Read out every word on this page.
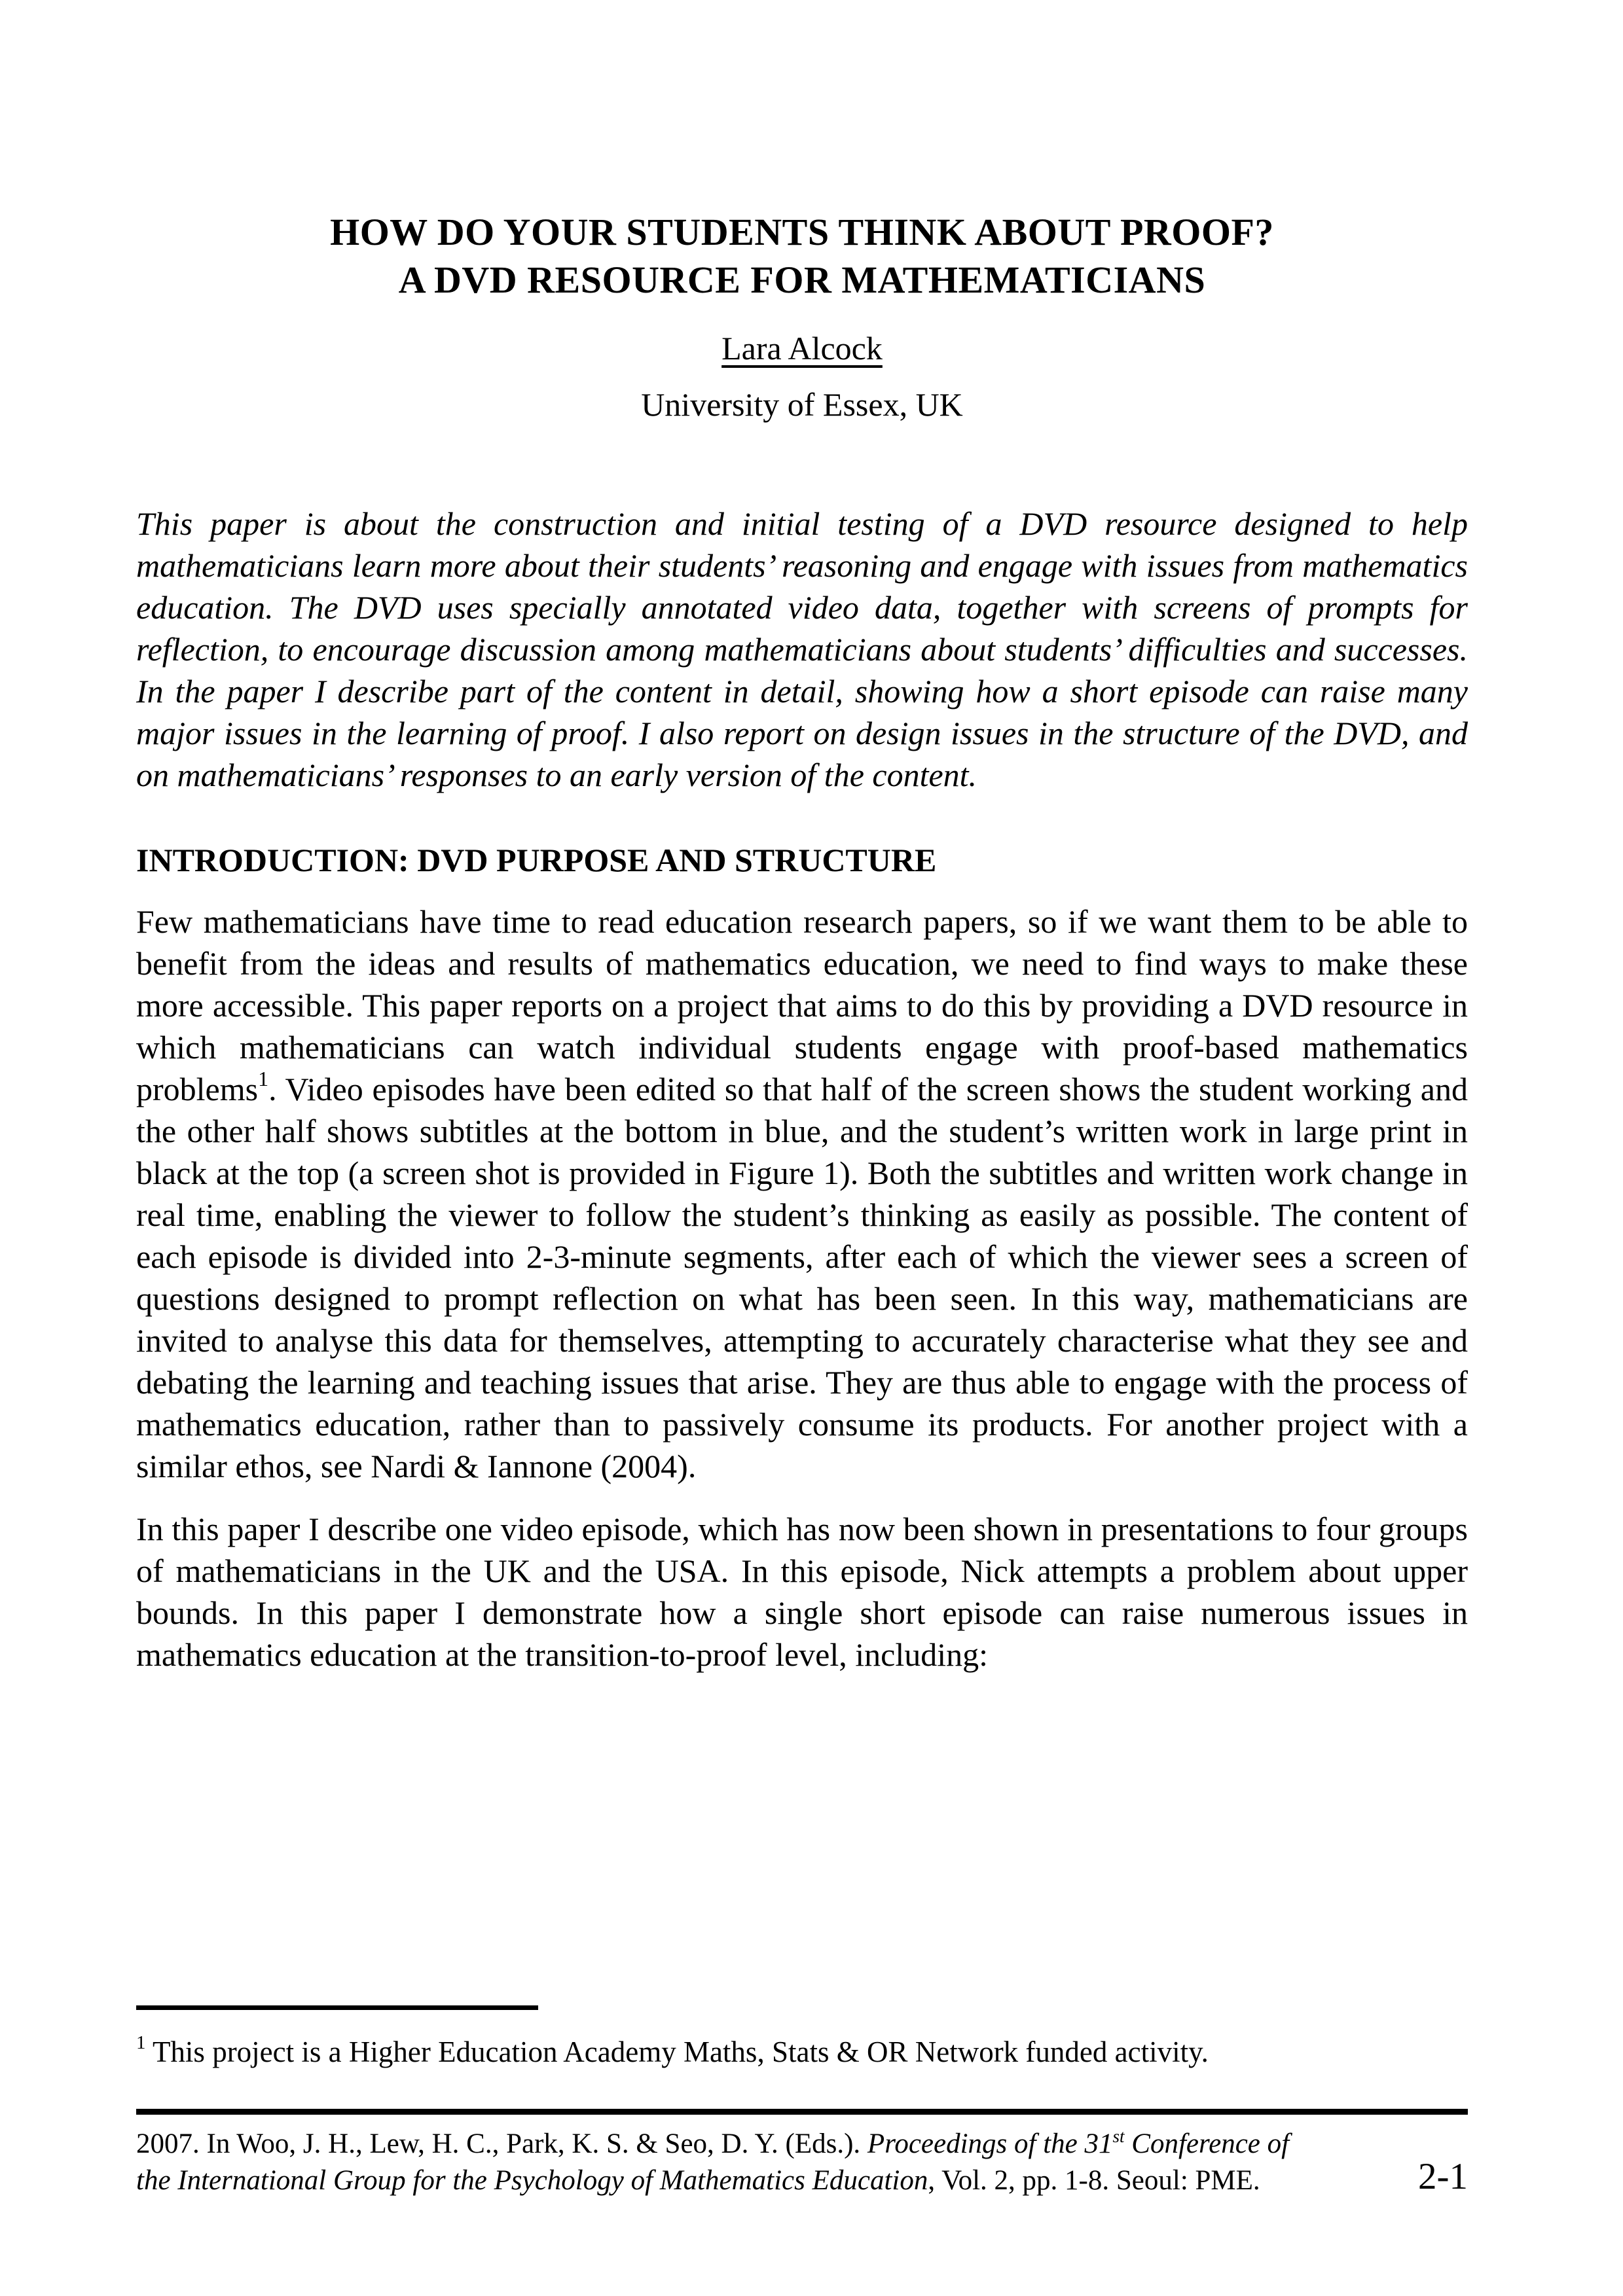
HOW DO YOUR STUDENTS THINK ABOUT PROOF?
A DVD RESOURCE FOR MATHEMATICIANS
Lara Alcock
University of Essex, UK

This paper is about the construction and initial testing of a DVD resource designed to help mathematicians learn more about their students’ reasoning and engage with issues from mathematics education. The DVD uses specially annotated video data, together with screens of prompts for reflection, to encourage discussion among mathematicians about students’ difficulties and successes. In the paper I describe part of the content in detail, showing how a short episode can raise many major issues in the learning of proof. I also report on design issues in the structure of the DVD, and on mathematicians’ responses to an early version of the content.

INTRODUCTION: DVD PURPOSE AND STRUCTURE

Few mathematicians have time to read education research papers, so if we want them to be able to benefit from the ideas and results of mathematics education, we need to find ways to make these more accessible. This paper reports on a project that aims to do this by providing a DVD resource in which mathematicians can watch individual students engage with proof-based mathematics problems$^1$. Video episodes have been edited so that half of the screen shows the student working and the other half shows subtitles at the bottom in blue, and the student’s written work in large print in black at the top (a screen shot is provided in Figure 1). Both the subtitles and written work change in real time, enabling the viewer to follow the student’s thinking as easily as possible. The content of each episode is divided into 2-3-minute segments, after each of which the viewer sees a screen of questions designed to prompt reflection on what has been seen. In this way, mathematicians are invited to analyse this data for themselves, attempting to accurately characterise what they see and debating the learning and teaching issues that arise. They are thus able to engage with the process of mathematics education, rather than to passively consume its products. For another project with a similar ethos, see Nardi & Iannone (2004).

In this paper I describe one video episode, which has now been shown in presentations to four groups of mathematicians in the UK and the USA. In this episode, Nick attempts a problem about upper bounds. In this paper I demonstrate how a single short episode can raise numerous issues in mathematics education at the transition-to-proof level, including:

$^1$ This project is a Higher Education Academy Maths, Stats & OR Network funded activity.
2007. In Woo, J. H., Lew, H. C., Park, K. S. & Seo, D. Y. (Eds.). Proceedings of the 31st Conference of
the International Group for the Psychology of Mathematics Education, Vol. 2, pp. 1-8. Seoul: PME.	2-1
